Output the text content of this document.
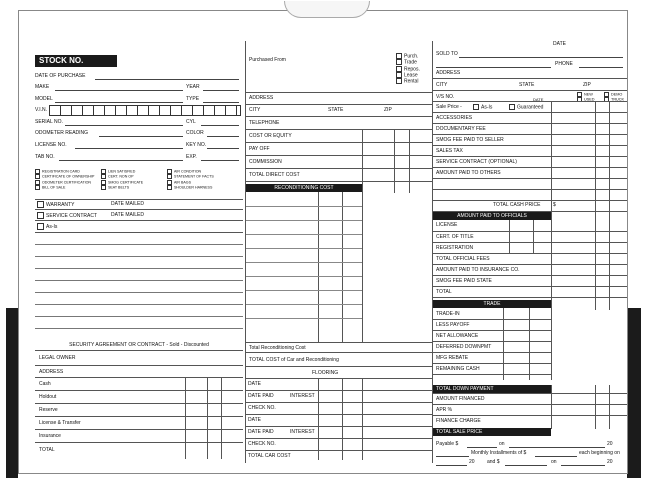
STOCK NO.
DATE OF PURCHASE
MAKE	YEAR
MODEL	TYPE
V.I.N.
SERIAL NO.	CYL
ODOMETER READING	COLOR
LICENSE NO.	KEY NO.
TAB NO.	EXP.
REGISTRATION CARD	LIEN SATISFIED	AIR CONDITION
CERTIFICATE OF OWNERSHIP	CERT. NON OP	STATEMENT OF FACTS
ODOMETER CERTIFICATION	SMOG CERTIFICATE	AIR BAGS
BILL OF SALE	SEAT BELTS	SHOULDER HARNESS
WARRANTY	DATE MAILED
SERVICE CONTRACT	DATE MAILED
As-Is
SECURITY AGREEMENT OR CONTRACT - Sold - Discounted
LEGAL OWNER
ADDRESS
Cash
Holdout
Reserve
License & Transfer
Insurance
TOTAL
Purchased From
Purch.
Trade
Repos.
Lease
Rental
ADDRESS
CITY	STATE	ZIP
TELEPHONE
COST OR EQUITY
PAY OFF
COMMISSION
TOTAL DIRECT COST
RECONDITIONING COST
Total Reconditioning Cost
TOTAL COST of Car and Reconditioning
FLOORING
DATE
DATE PAID	INTEREST
CHECK NO.
DATE
DATE PAID	INTEREST
CHECK NO.
TOTAL CAR COST
DATE
SOLD TO
PHONE
ADDRESS
CITY	STATE	ZIP
V/S NO.	DATE
NEW
USED
DEMO
TRUCK
Sale Price -	As-Is	Guaranteed
ACCESSORIES
DOCUMENTARY FEE
SMOG FEE PAID TO SELLER
SALES TAX
SERVICE CONTRACT (OPTIONAL)
AMOUNT PAID TO OTHERS
TOTAL CASH PRICE	$
AMOUNT PAID TO OFFICIALS
LICENSE
CERT. OF TITLE
REGISTRATION
TOTAL OFFICIAL FEES
AMOUNT PAID TO INSURANCE CO.
SMOG FEE PAID STATE
TOTAL
TRADE
TRADE-IN
LESS PAYOFF
NET ALLOWANCE
DEFERRED DOWNPMT
MFG REBATE
REMAINING CASH
TOTAL DOWN PAYMENT
AMOUNT FINANCED
APR %
FINANCE CHARGE
TOTAL SALE PRICE
Payable $	on	20
Monthly Installments of $	each beginning on
20 and $	on	20
